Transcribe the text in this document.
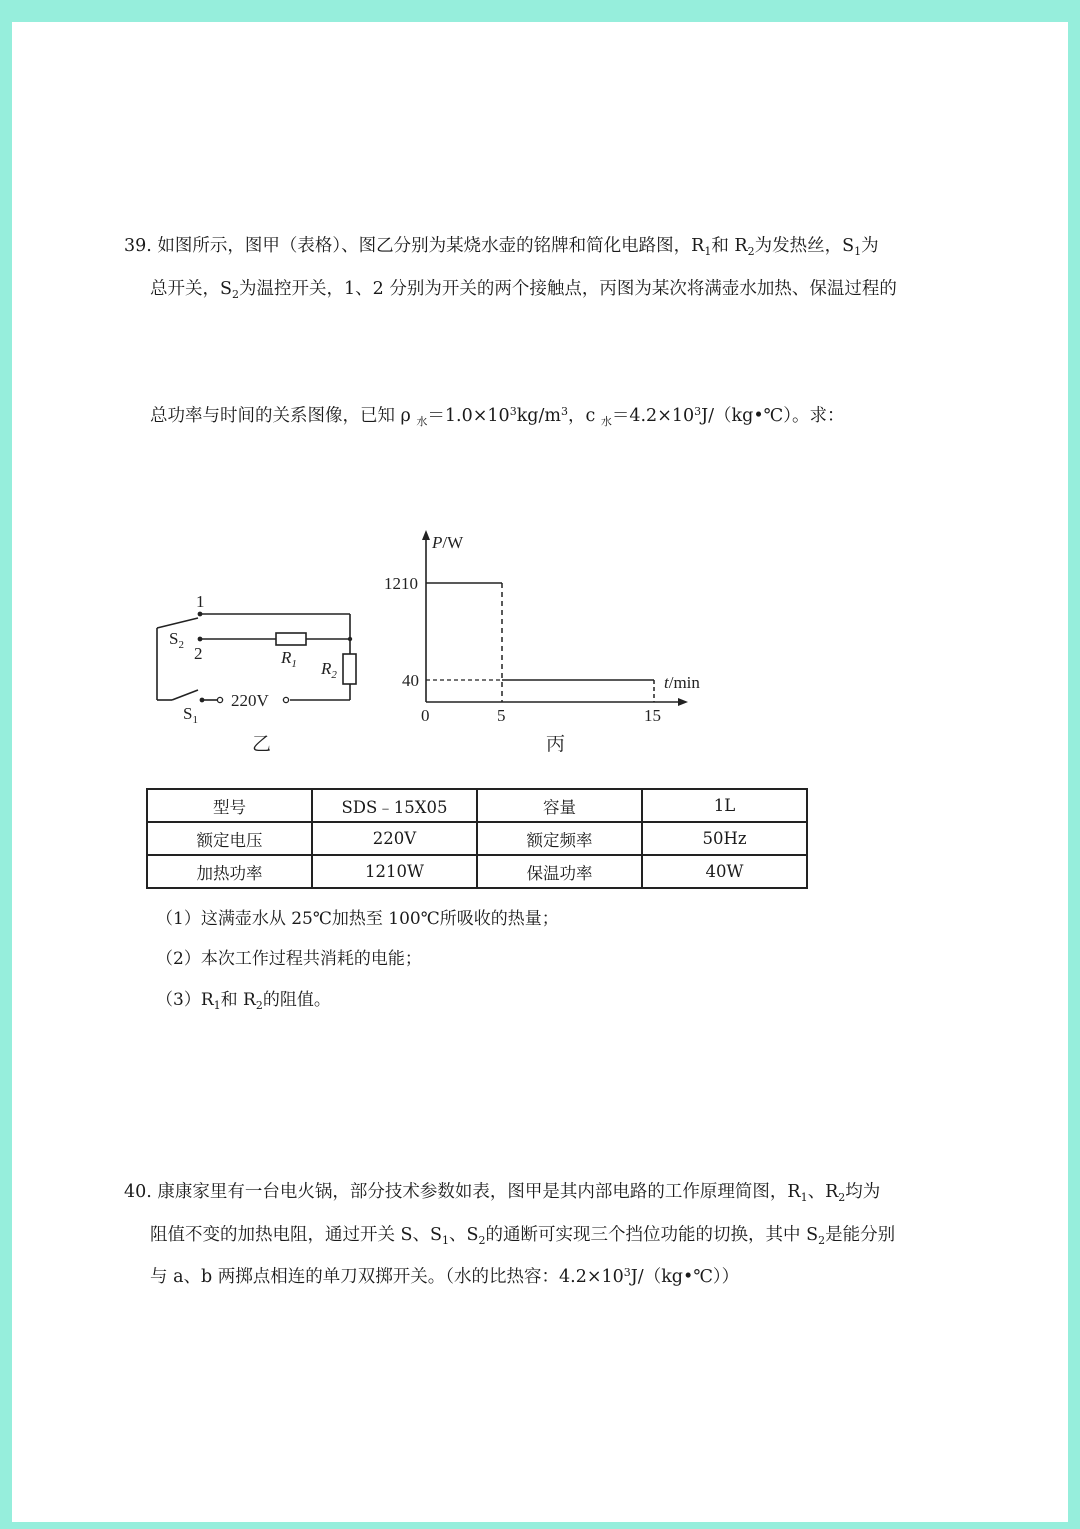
39. 如图所示，图甲（表格）、图乙分别为某烧水壶的铭牌和简化电路图，$R_1$和 $R_2$为发热丝，$S_1$为
总开关，$S_2$为温控开关，1、2 分别为开关的两个接触点，丙图为某次将满壶水加热、保温过程的
总功率与时间的关系图像，已知 ρ $_水=1.0\times 10^3kg/m^3$，c $_水=4.2\times 10^3J/(kg•℃)$。求：
1
2
$S_2$
$R_1$ $R_2$
$S_1$
220V
乙
P/W
t/min
1210
40
0	5	15
丙
型号	SDS﹣15X05	容量	1L
额定电压	220V	额定频率	50Hz
加热功率	1210W	保温功率	40W
（1）这满壶水从 25℃加热至 100℃所吸收的热量；
（2）本次工作过程共消耗的电能；
$(3)R_1$和 $R_2$的阻值。
40. 康康家里有一台电火锅，部分技术参数如表，图甲是其内部电路的工作原理简图，$R_1$、$R_2$均为
阻值不变的加热电阻，通过开关 S、$S_1$、$S_2$的通断可实现三个挡位功能的切换，其中 $S_2$是能分别
与 a、b 两掷点相连的单刀双掷开关。（水的比热容：$4.2\times 10^3J/(kg•℃)$）
